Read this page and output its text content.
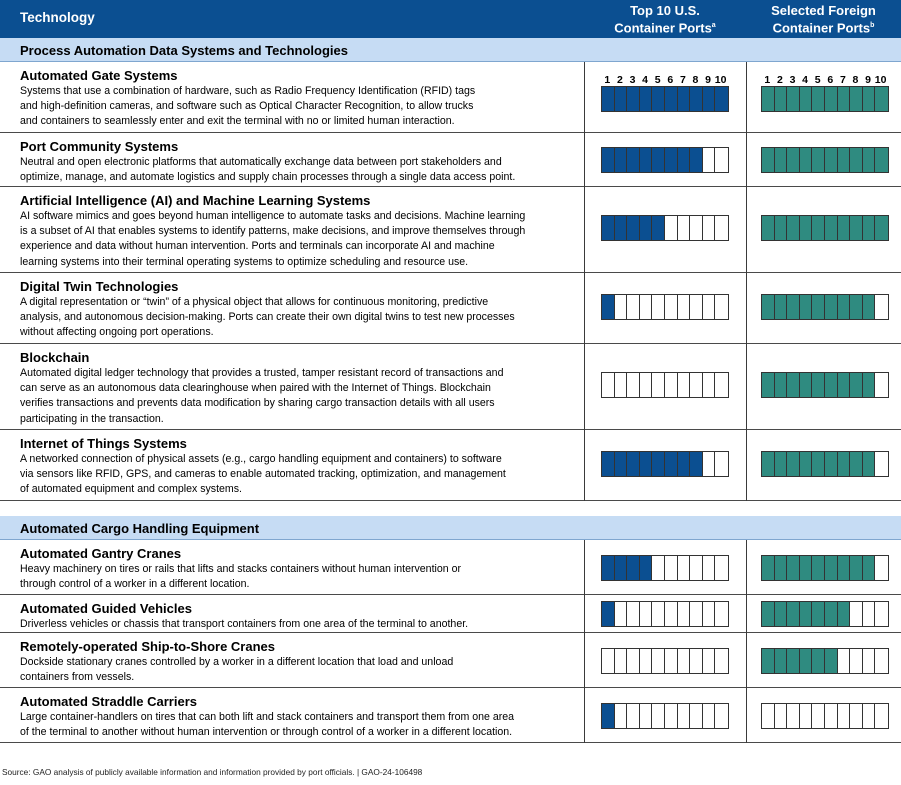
Technology	Top 10 U.S.
Container Ports$^a$
Selected Foreign
Container Ports$^b$
Process Automation Data Systems and Technologies
Automated Gate Systems
Systems that use a combination of hardware, such as Radio Frequency Identification (RFID) tags
and high-definition cameras, and software such as Optical Character Recognition, to allow trucks
and containers to seamlessly enter and exit the terminal with no or limited human interaction.
1 2 3 4 5 6 7 8 9 10	1 2 3 4 5 6 7 8 9 10
Port Community Systems
Neutral and open electronic platforms that automatically exchange data between port stakeholders and
optimize, manage, and automate logistics and supply chain processes through a single data access point.
Artificial Intelligence (AI) and Machine Learning Systems
AI software mimics and goes beyond human intelligence to automate tasks and decisions. Machine learning
is a subset of AI that enables systems to identify patterns, make decisions, and improve themselves through
experience and data without human intervention. Ports and terminals can incorporate AI and machine
learning systems into their terminal operating systems to optimize scheduling and resource use.
Digital Twin Technologies
A digital representation or “twin” of a physical object that allows for continuous monitoring, predictive
analysis, and autonomous decision-making. Ports can create their own digital twins to test new processes
without affecting ongoing port operations.
Blockchain
Automated digital ledger technology that provides a trusted, tamper resistant record of transactions and
can serve as an autonomous data clearinghouse when paired with the Internet of Things. Blockchain
verifies transactions and prevents data modification by sharing cargo transaction details with all users
participating in the transaction.
Internet of Things Systems
A networked connection of physical assets (e.g., cargo handling equipment and containers) to software
via sensors like RFID, GPS, and cameras to enable automated tracking, optimization, and management
of automated equipment and complex systems.
Automated Cargo Handling Equipment
Automated Gantry Cranes
Heavy machinery on tires or rails that lifts and stacks containers without human intervention or
through control of a worker in a different location.
Automated Guided Vehicles
Driverless vehicles or chassis that transport containers from one area of the terminal to another.
Remotely-operated Ship-to-Shore Cranes
Dockside stationary cranes controlled by a worker in a different location that load and unload
containers from vessels.
Automated Straddle Carriers
Large container-handlers on tires that can both lift and stack containers and transport them from one area
of the terminal to another without human intervention or through control of a worker in a different location.
Source: GAO analysis of publicly available information and information provided by port officials. | GAO-24-106498
